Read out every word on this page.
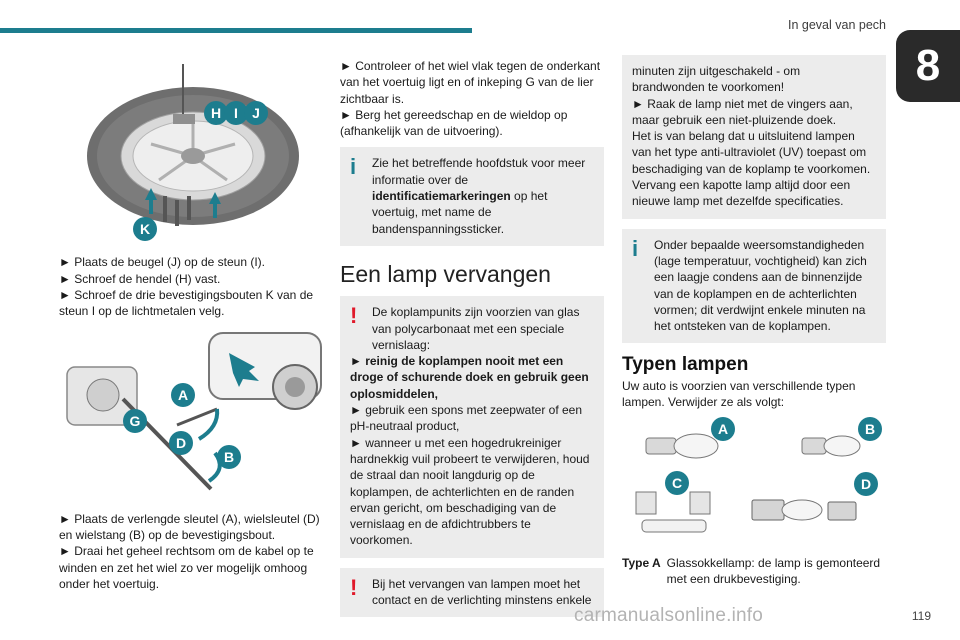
In geval van pech
8
H I J
K

► Plaats de beugel (J) op de steun (I).

► Schroef de hendel (H) vast.

► Schroef de drie bevestigingsbouten K van de steun I op de lichtmetalen velg.

A
G
D
B

► Plaats de verlengde sleutel (A), wielsleutel (D) en wielstang (B) op de bevestigingsbout.

► Draai het geheel rechtsom om de kabel op te winden en zet het wiel zo ver mogelijk omhoog onder het voertuig.

► Controleer of het wiel vlak tegen de onderkant van het voertuig ligt en of inkeping G van de lier zichtbaar is.

► Berg het gereedschap en de wieldop op (afhankelijk van de uitvoering).

i	Zie het betreffende hoofdstuk voor meer informatie over de identificatiemarkeringen op het voertuig, met name de bandenspanningssticker.

Een lamp vervangen
!	De koplampunits zijn voorzien van glas van polycarbonaat met een speciale vernislaag:

► reinig de koplampen nooit met een droge of schurende doek en gebruik geen oplosmiddelen,

► gebruik een spons met zeepwater of een pH-neutraal product,

► wanneer u met een hogedrukreiniger hardnekkig vuil probeert te verwijderen, houd de straal dan nooit langdurig op de koplampen, de achterlichten en de randen ervan gericht, om beschadiging van de vernislaag en de afdichtrubbers te voorkomen.

!	Bij het vervangen van lampen moet het contact en de verlichting minstens enkele

minuten zijn uitgeschakeld - om brandwonden te voorkomen!

► Raak de lamp niet met de vingers aan, maar gebruik een niet-pluizende doek.

Het is van belang dat u uitsluitend lampen van het type anti-ultraviolet (UV) toepast om beschadiging van de koplamp te voorkomen.

Vervang een kapotte lamp altijd door een nieuwe lamp met dezelfde specificaties.

i	Onder bepaalde weersomstandigheden (lage temperatuur, vochtigheid) kan zich een laagje condens aan de binnenzijde van de koplampen en de achterlichten vormen; dit verdwijnt enkele minuten na het ontsteken van de koplampen.

Typen lampen

Uw auto is voorzien van verschillende typen lampen. Verwijder ze als volgt:

A	B
C	D
Type A Glassokkellamp: de lamp is gemonteerd met een drukbevestiging.
carmanualsonline.info	119
